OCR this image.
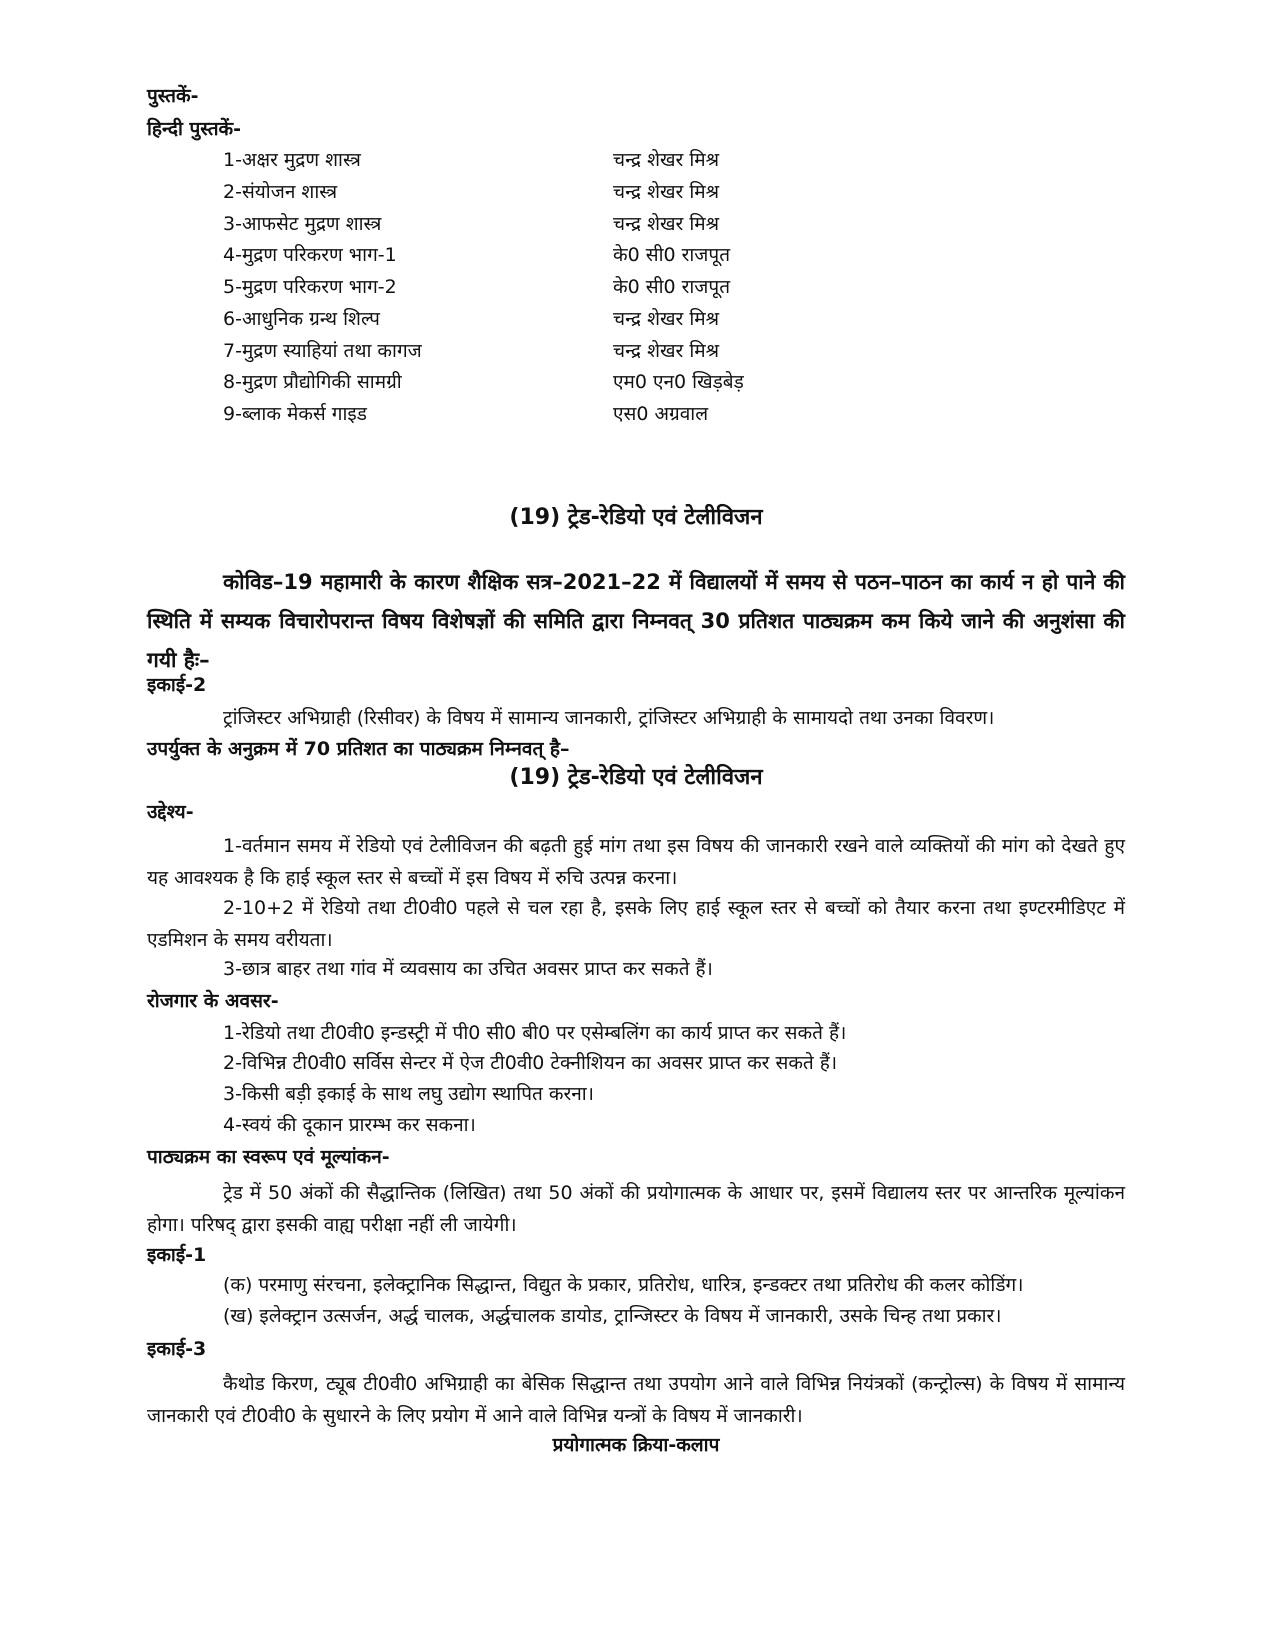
पुस्तकें-
हिन्दी पुस्तकें-
1-अक्षर मुद्रण शास्त्र	चन्द्र शेखर मिश्र
2-संयोजन शास्त्र	चन्द्र शेखर मिश्र
3-आफसेट मुद्रण शास्त्र	चन्द्र शेखर मिश्र
4-मुद्रण परिकरण भाग-1	के0 सी0 राजपूत
5-मुद्रण परिकरण भाग-2	के0 सी0 राजपूत
6-आधुनिक ग्रन्थ शिल्प	चन्द्र शेखर मिश्र
7-मुद्रण स्याहियां तथा कागज	चन्द्र शेखर मिश्र
8-मुद्रण प्रौद्योगिकी सामग्री	एम0 एन0 खिड़बेड़
9-ब्लाक मेकर्स गाइड	एस0 अग्रवाल
(19) ट्रेड-रेडियो एवं टेलीविजन
कोविड–19 महामारी के कारण शैक्षिक सत्र–2021–22 में विद्यालयों में समय से पठन–पाठन का कार्य न हो पाने की स्थिति में सम्यक विचारोपरान्त विषय विशेषज्ञों की समिति द्वारा निम्नवत् 30 प्रतिशत पाठ्यक्रम कम किये जाने की अनुशंसा की गयी हैः–
इकाई-2
ट्रांजिस्टर अभिग्राही (रिसीवर) के विषय में सामान्य जानकारी, ट्रांजिस्टर अभिग्राही के सामायदो तथा उनका विवरण।
उपर्युक्त के अनुक्रम में 70 प्रतिशत का पाठ्यक्रम निम्नवत् है–
(19) ट्रेड-रेडियो एवं टेलीविजन
उद्देश्य-
1-वर्तमान समय में रेडियो एवं टेलीविजन की बढ़ती हुई मांग तथा इस विषय की जानकारी रखने वाले व्यक्तियों की मांग को देखते हुए यह आवश्यक है कि हाई स्कूल स्तर से बच्चों में इस विषय में रुचि उत्पन्न करना।
2-10+2 में रेडियो तथा टी0वी0 पहले से चल रहा है, इसके लिए हाई स्कूल स्तर से बच्चों को तैयार करना तथा इण्टरमीडिएट में एडमिशन के समय वरीयता।
3-छात्र बाहर तथा गांव में व्यवसाय का उचित अवसर प्राप्त कर सकते हैं।
रोजगार के अवसर-
1-रेडियो तथा टी0वी0 इन्डस्ट्री में पी0 सी0 बी0 पर एसेम्बलिंग का कार्य प्राप्त कर सकते हैं।
2-विभिन्न टी0वी0 सर्विस सेन्टर में ऐज टी0वी0 टेक्नीशियन का अवसर प्राप्त कर सकते हैं।
3-किसी बड़ी इकाई के साथ लघु उद्योग स्थापित करना।
4-स्वयं की दूकान प्रारम्भ कर सकना।
पाठ्यक्रम का स्वरूप एवं मूल्यांकन-
ट्रेड में 50 अंकों की सैद्धान्तिक (लिखित) तथा 50 अंकों की प्रयोगात्मक के आधार पर, इसमें विद्यालय स्तर पर आन्तरिक मूल्यांकन होगा। परिषद् द्वारा इसकी वाह्य परीक्षा नहीं ली जायेगी।
इकाई-1
(क) परमाणु संरचना, इलेक्ट्रानिक सिद्धान्त, विद्युत के प्रकार, प्रतिरोध, धारित्र, इन्डक्टर तथा प्रतिरोध की कलर कोडिंग।
(ख) इलेक्ट्रान उत्सर्जन, अर्द्ध चालक, अर्द्धचालक डायोड, ट्रान्जिस्टर के विषय में जानकारी, उसके चिन्ह तथा प्रकार।
इकाई-3
कैथोड किरण, ट्यूब टी0वी0 अभिग्राही का बेसिक सिद्धान्त तथा उपयोग आने वाले विभिन्न नियंत्रकों (कन्ट्रोल्स) के विषय में सामान्य जानकारी एवं टी0वी0 के सुधारने के लिए प्रयोग में आने वाले विभिन्न यन्त्रों के विषय में जानकारी।
प्रयोगात्मक क्रिया-कलाप
